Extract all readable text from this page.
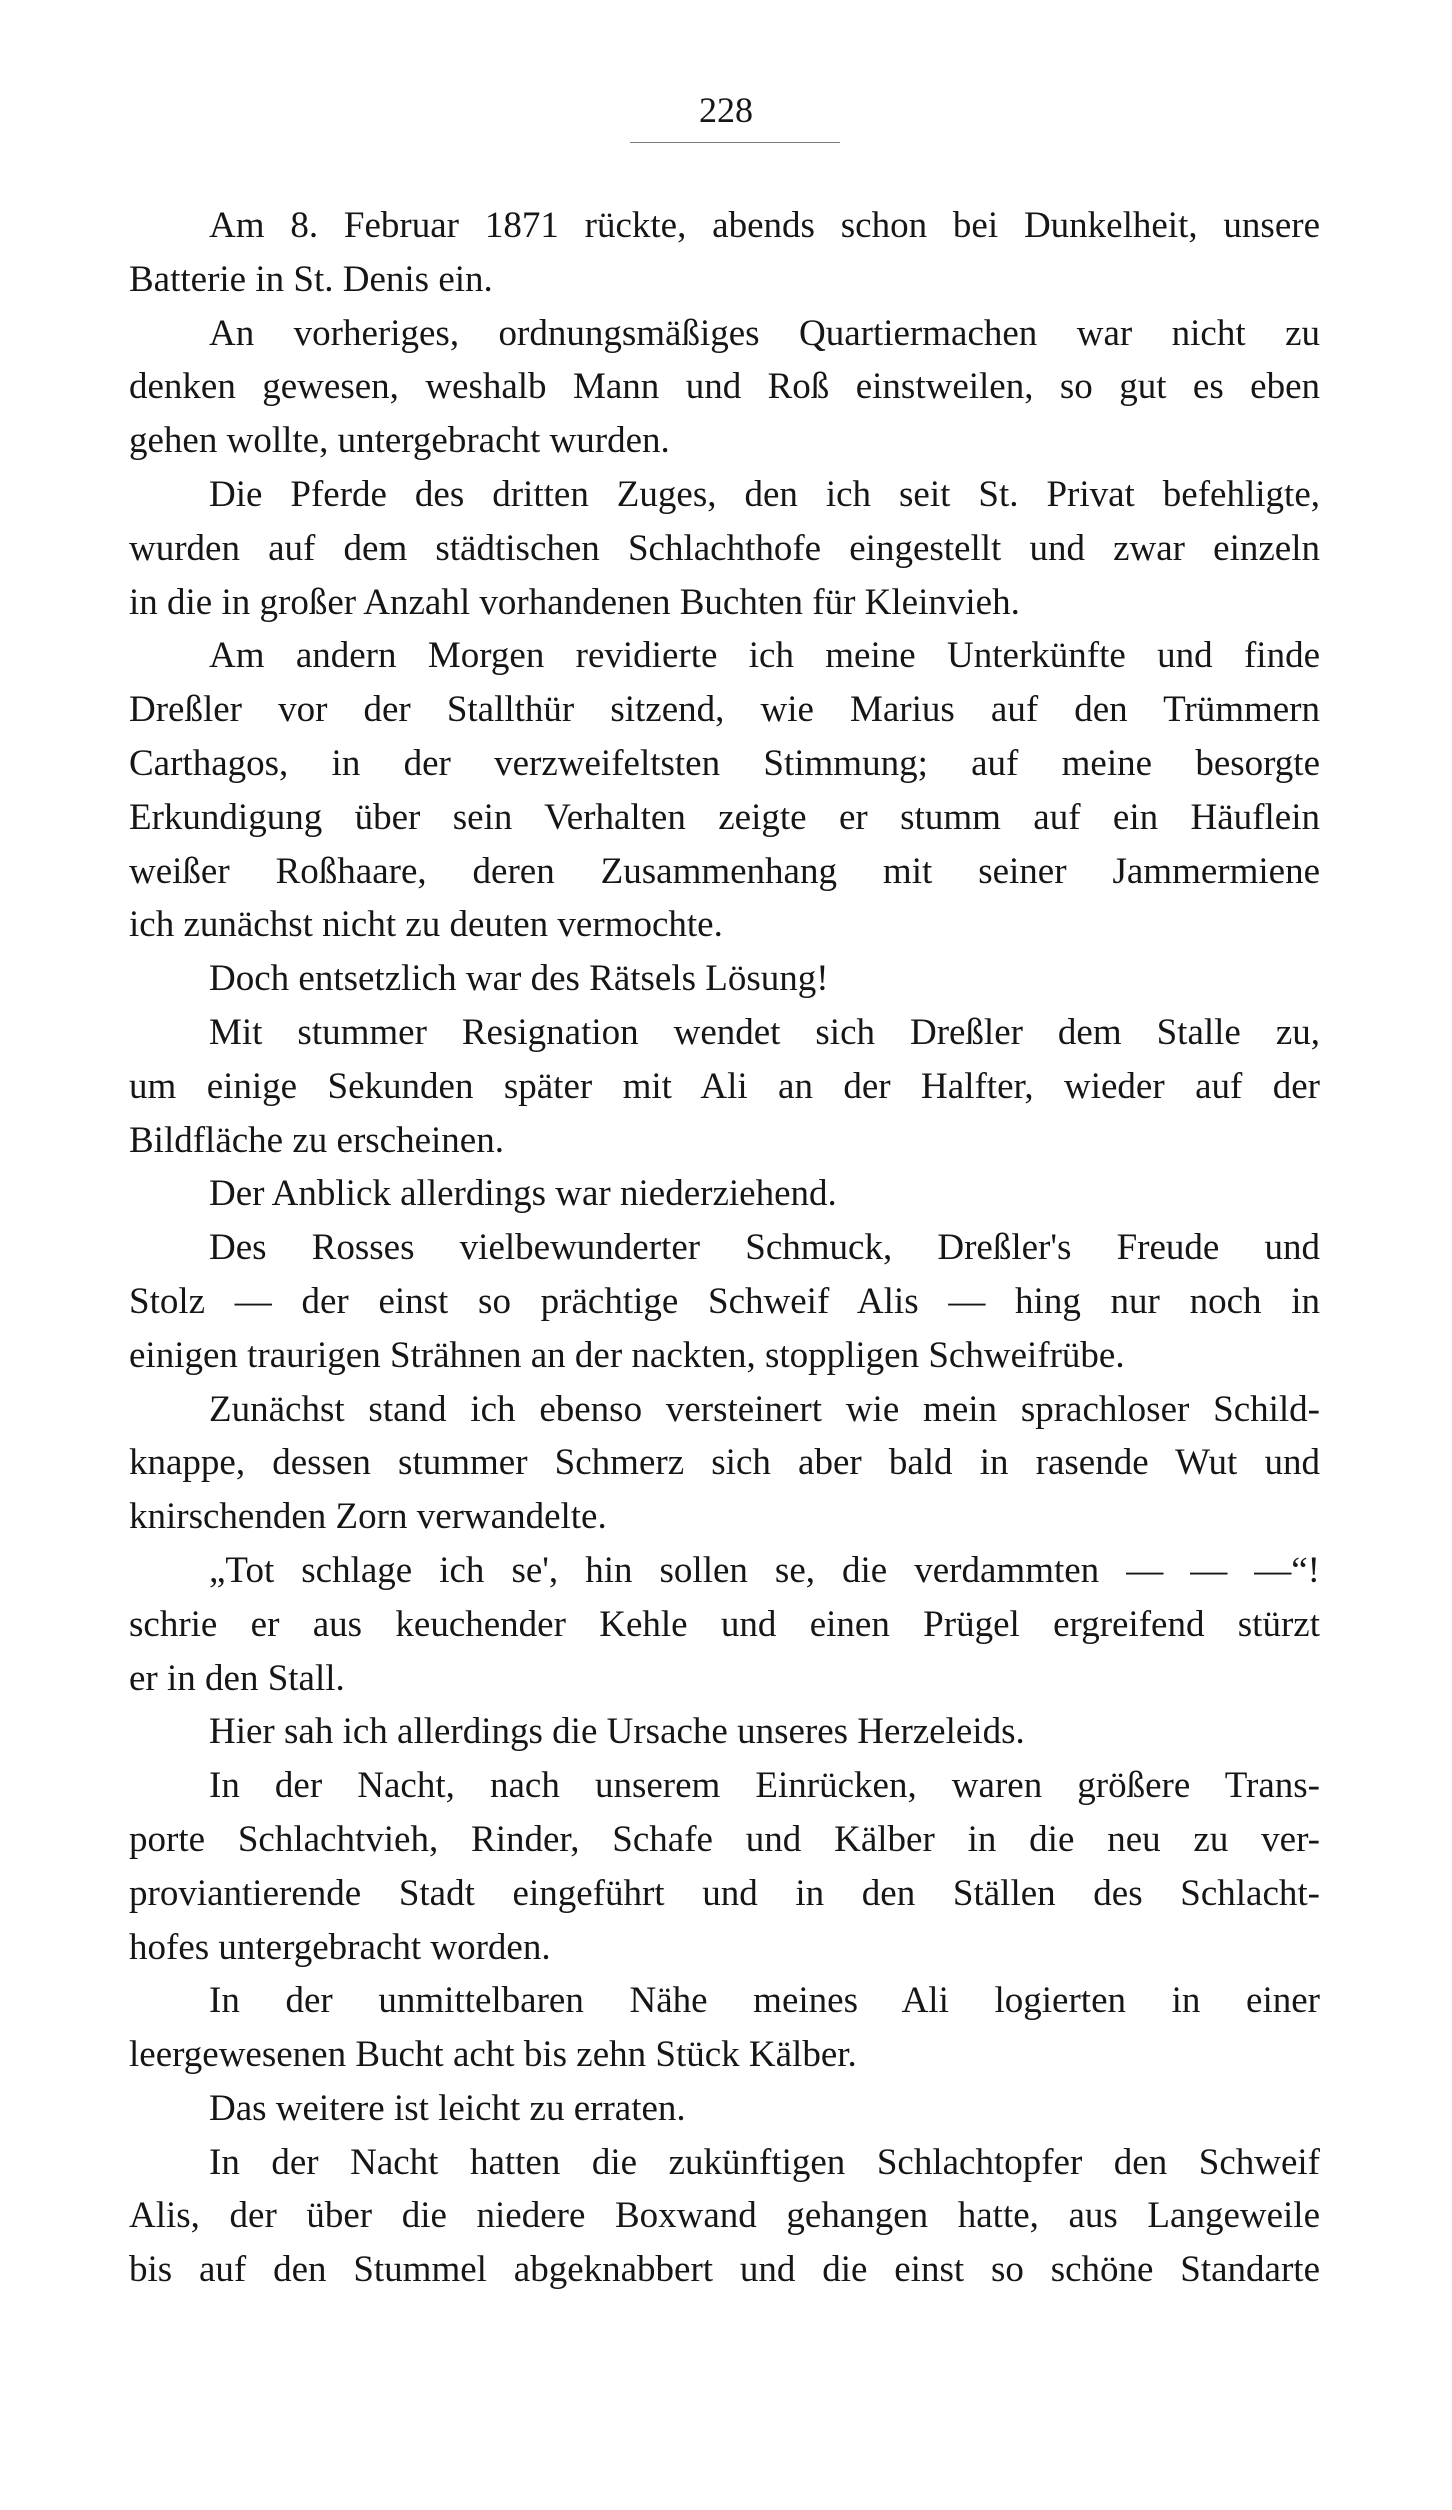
228
Am 8. Februar 1871 rückte, abends schon bei Dunkelheit, unsere
Batterie in St. Denis ein.
An vorheriges, ordnungsmäßiges Quartiermachen war nicht zu
denken gewesen, weshalb Mann und Roß einstweilen, so gut es eben
gehen wollte, untergebracht wurden.
Die Pferde des dritten Zuges, den ich seit St. Privat befehligte,
wurden auf dem städtischen Schlachthofe eingestellt und zwar einzeln
in die in großer Anzahl vorhandenen Buchten für Kleinvieh.
Am andern Morgen revidierte ich meine Unterkünfte und finde
Dreßler vor der Stallthür sitzend, wie Marius auf den Trümmern
Carthagos, in der verzweifeltsten Stimmung; auf meine besorgte
Erkundigung über sein Verhalten zeigte er stumm auf ein Häuflein
weißer Roßhaare, deren Zusammenhang mit seiner Jammermiene
ich zunächst nicht zu deuten vermochte.
Doch entsetzlich war des Rätsels Lösung!
Mit stummer Resignation wendet sich Dreßler dem Stalle zu,
um einige Sekunden später mit Ali an der Halfter, wieder auf der
Bildfläche zu erscheinen.
Der Anblick allerdings war niederziehend.
Des Rosses vielbewunderter Schmuck, Dreßler's Freude und
Stolz — der einst so prächtige Schweif Alis — hing nur noch in
einigen traurigen Strähnen an der nackten, stoppligen Schweifrübe.
Zunächst stand ich ebenso versteinert wie mein sprachloser Schild-
knappe, dessen stummer Schmerz sich aber bald in rasende Wut und
knirschenden Zorn verwandelte.
„Tot schlage ich se', hin sollen se, die verdammten — — —“!
schrie er aus keuchender Kehle und einen Prügel ergreifend stürzt
er in den Stall.
Hier sah ich allerdings die Ursache unseres Herzeleids.
In der Nacht, nach unserem Einrücken, waren größere Trans-
porte Schlachtvieh, Rinder, Schafe und Kälber in die neu zu ver-
proviantierende Stadt eingeführt und in den Ställen des Schlacht-
hofes untergebracht worden.
In der unmittelbaren Nähe meines Ali logierten in einer
leergewesenen Bucht acht bis zehn Stück Kälber.
Das weitere ist leicht zu erraten.
In der Nacht hatten die zukünftigen Schlachtopfer den Schweif
Alis, der über die niedere Boxwand gehangen hatte, aus Langeweile
bis auf den Stummel abgeknabbert und die einst so schöne Standarte
